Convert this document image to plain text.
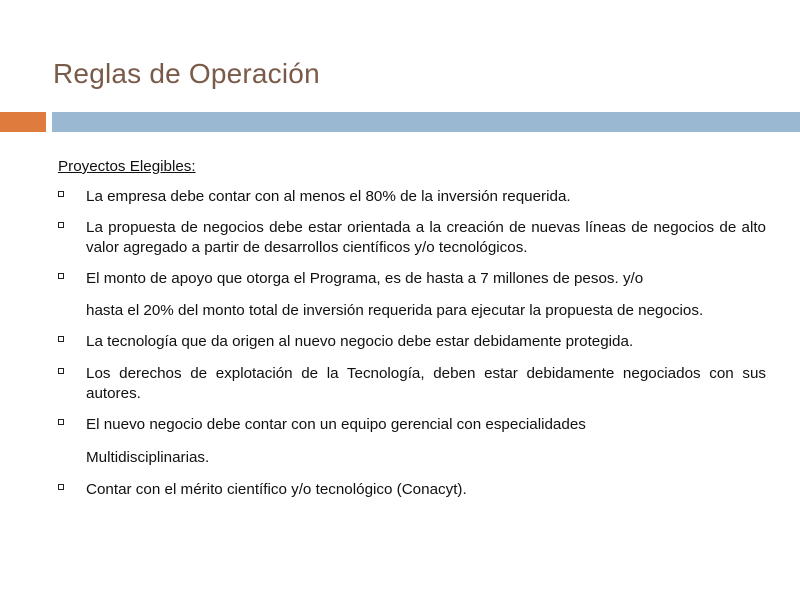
Reglas de Operación
Proyectos Elegibles:
La empresa debe contar con al menos el 80% de la inversión requerida.
La propuesta de negocios debe estar orientada a la creación de nuevas líneas de negocios de alto valor agregado a partir de desarrollos científicos y/o tecnológicos.
El monto de apoyo que otorga el Programa, es de hasta a 7 millones de pesos. y/o
hasta el 20% del monto total de inversión requerida para ejecutar la propuesta de negocios.
La tecnología que da origen al nuevo negocio debe estar debidamente protegida.
Los derechos de explotación de la Tecnología, deben estar debidamente negociados con sus autores.
El nuevo negocio debe contar con un equipo gerencial con especialidades
Multidisciplinarias.
Contar con el mérito científico y/o tecnológico (Conacyt).
